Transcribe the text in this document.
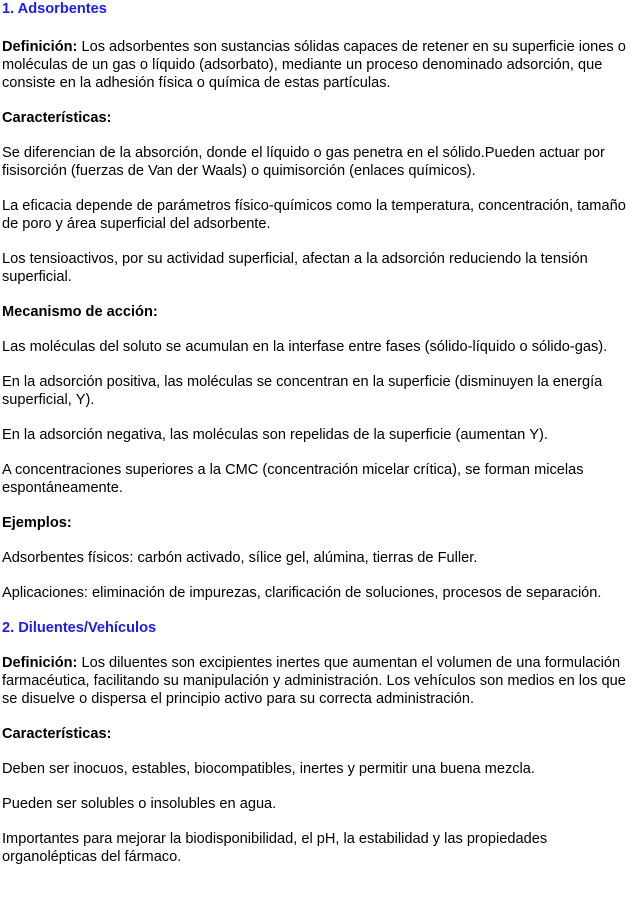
1. Adsorbentes

Definición: Los adsorbentes son sustancias sólidas capaces de retener en su superficie iones o moléculas de un gas o líquido (adsorbato), mediante un proceso denominado adsorción, que consiste en la adhesión física o química de estas partículas.

Características:

Se diferencian de la absorción, donde el líquido o gas penetra en el sólido.Pueden actuar por fisisorción (fuerzas de Van der Waals) o quimisorción (enlaces químicos).

La eficacia depende de parámetros físico-químicos como la temperatura, concentración, tamaño de poro y área superficial del adsorbente.

Los tensioactivos, por su actividad superficial, afectan a la adsorción reduciendo la tensión superficial.

Mecanismo de acción:

Las moléculas del soluto se acumulan en la interfase entre fases (sólido-líquido o sólido-gas).

En la adsorción positiva, las moléculas se concentran en la superficie (disminuyen la energía superficial, Υ).

En la adsorción negativa, las moléculas son repelidas de la superficie (aumentan Υ).

A concentraciones superiores a la CMC (concentración micelar crítica), se forman micelas espontáneamente.

Ejemplos:

Adsorbentes físicos: carbón activado, sílice gel, alúmina, tierras de Fuller.

Aplicaciones: eliminación de impurezas, clarificación de soluciones, procesos de separación.

2. Diluentes/Vehículos

Definición: Los diluentes son excipientes inertes que aumentan el volumen de una formulación farmacéutica, facilitando su manipulación y administración. Los vehículos son medios en los que se disuelve o dispersa el principio activo para su correcta administración.

Características:

Deben ser inocuos, estables, biocompatibles, inertes y permitir una buena mezcla.

Pueden ser solubles o insolubles en agua.

Importantes para mejorar la biodisponibilidad, el pH, la estabilidad y las propiedades organolépticas del fármaco.
